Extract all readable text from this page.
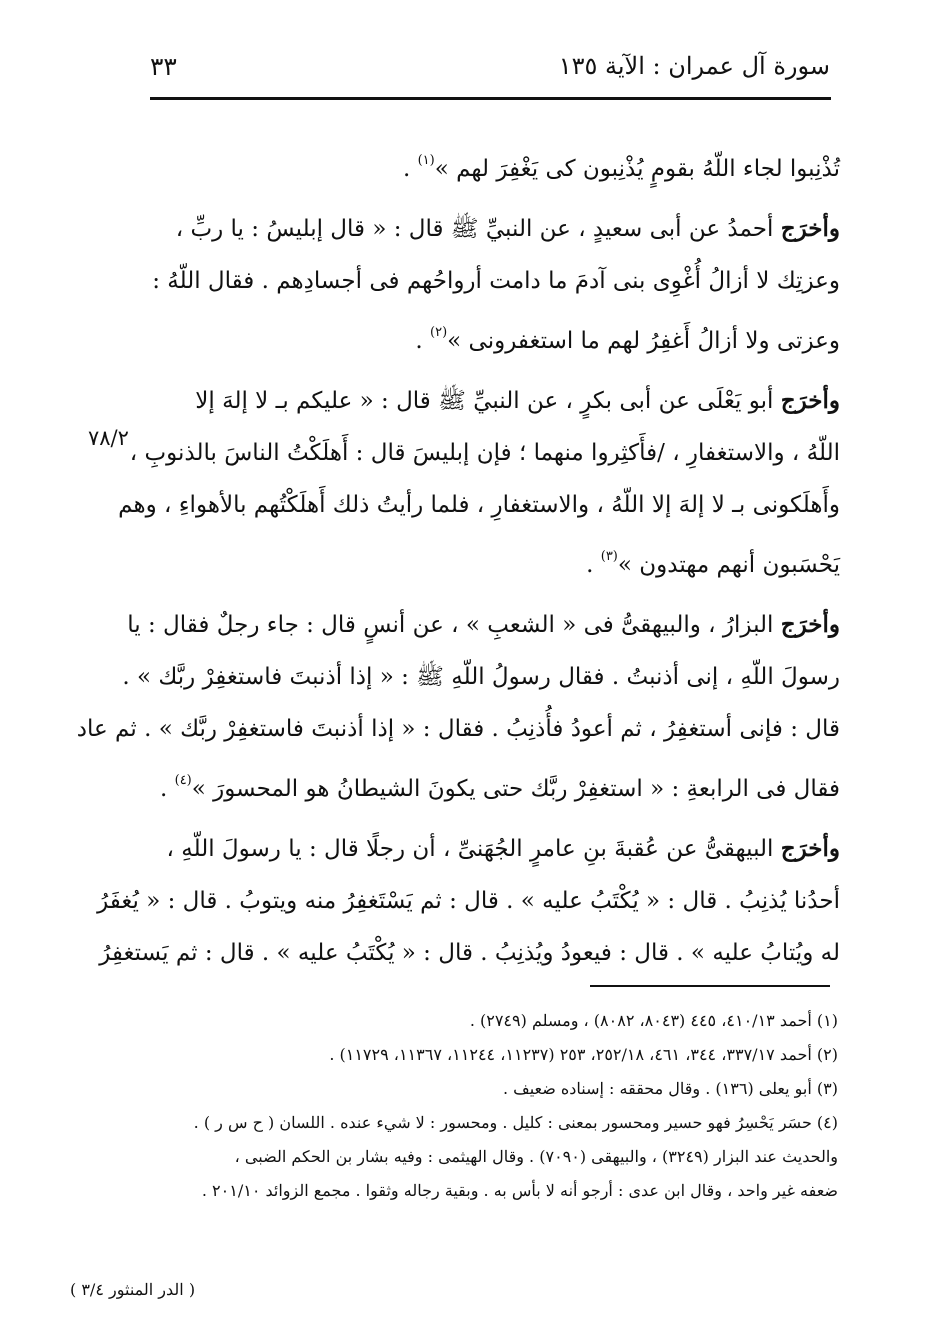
٣٣	سورة آل عمران : الآية ١٣٥
تُذْنِبوا لجاء اللّهُ بقومٍ يُذْنِبون كى يَغْفِرَ لهم »$^{(١)}$ .
وأخرَج أحمدُ عن أبى سعيدٍ ، عن النبيِّ ﷺ قال : « قال إبليسُ : يا ربِّ ،
وعزتِك لا أزالُ أُغْوِى بنى آدمَ ما دامت أرواحُهم فى أجسادِهم . فقال اللّهُ :
وعزتى ولا أزالُ أَغفِرُ لهم ما استغفرونى »$^{(٢)}$ .
وأخرَج أبو يَعْلَى عن أبى بكرٍ ، عن النبيِّ ﷺ قال : « عليكم بـ لا إلهَ إلا
اللّهُ ، والاستغفارِ ، /فأَكثِروا منهما ؛ فإن إبليسَ قال : أَهلَكْتُ الناسَ بالذنوبِ ،
وأَهلَكونى بـ لا إلهَ إلا اللّهُ ، والاستغفارِ ، فلما رأيتُ ذلك أَهلَكْتُهم بالأهواءِ ، وهم
يَحْسَبون أنهم مهتدون »$^{(٣)}$ .
وأخرَج البزارُ ، والبيهقىُّ فى « الشعبِ » ، عن أنسٍ قال : جاء رجلٌ فقال : يا
رسولَ اللّهِ ، إنى أذنبتُ . فقال رسولُ اللّهِ ﷺ : « إذا أذنبتَ فاستغفِرْ ربَّك » .
قال : فإنى أستغفِرُ ، ثم أعودُ فأُذنِبُ . فقال : « إذا أذنبتَ فاستغفِرْ ربَّك » . ثم عاد
فقال فى الرابعةِ : « استغفِرْ ربَّك حتى يكونَ الشيطانُ هو المحسورَ »$^{(٤)}$ .
وأخرَج البيهقىُّ عن عُقبةَ بنِ عامرٍ الجُهَنىِّ ، أن رجلًا قال : يا رسولَ اللّهِ ،
أحدُنا يُذنِبُ . قال : « يُكْتَبُ عليه » . قال : ثم يَسْتَغفِرُ منه ويتوبُ . قال : « يُغفَرُ
له ويُتابُ عليه » . قال : فيعودُ ويُذنِبُ . قال : « يُكْتَبُ عليه » . قال : ثم يَستغفِرُ
٧٨/٢
(١) أحمد ٤١٠/١٣، ٤٤٥ (٨٠٤٣، ٨٠٨٢) ، ومسلم (٢٧٤٩) .
(٢) أحمد ٣٣٧/١٧، ٣٤٤، ٤٦١، ٢٥٢/١٨، ٢٥٣ (١١٢٣٧، ١١٢٤٤، ١١٣٦٧، ١١٧٢٩) .
(٣) أبو يعلى (١٣٦) . وقال محققه : إسناده ضعيف .
(٤) حسَر يَحْسِرُ فهو حسير ومحسور بمعنى : كليل . ومحسور : لا شيء عنده . اللسان ( ح س ر ) .
والحديث عند البزار (٣٢٤٩) ، والبيهقى (٧٠٩٠) . وقال الهيثمى : وفيه بشار بن الحكم الضبى ،
ضعفه غير واحد ، وقال ابن عدى : أرجو أنه لا بأس به . وبقية رجاله وثقوا . مجمع الزوائد ٢٠١/١٠ .
( الدر المنثور ٣/٤ )
